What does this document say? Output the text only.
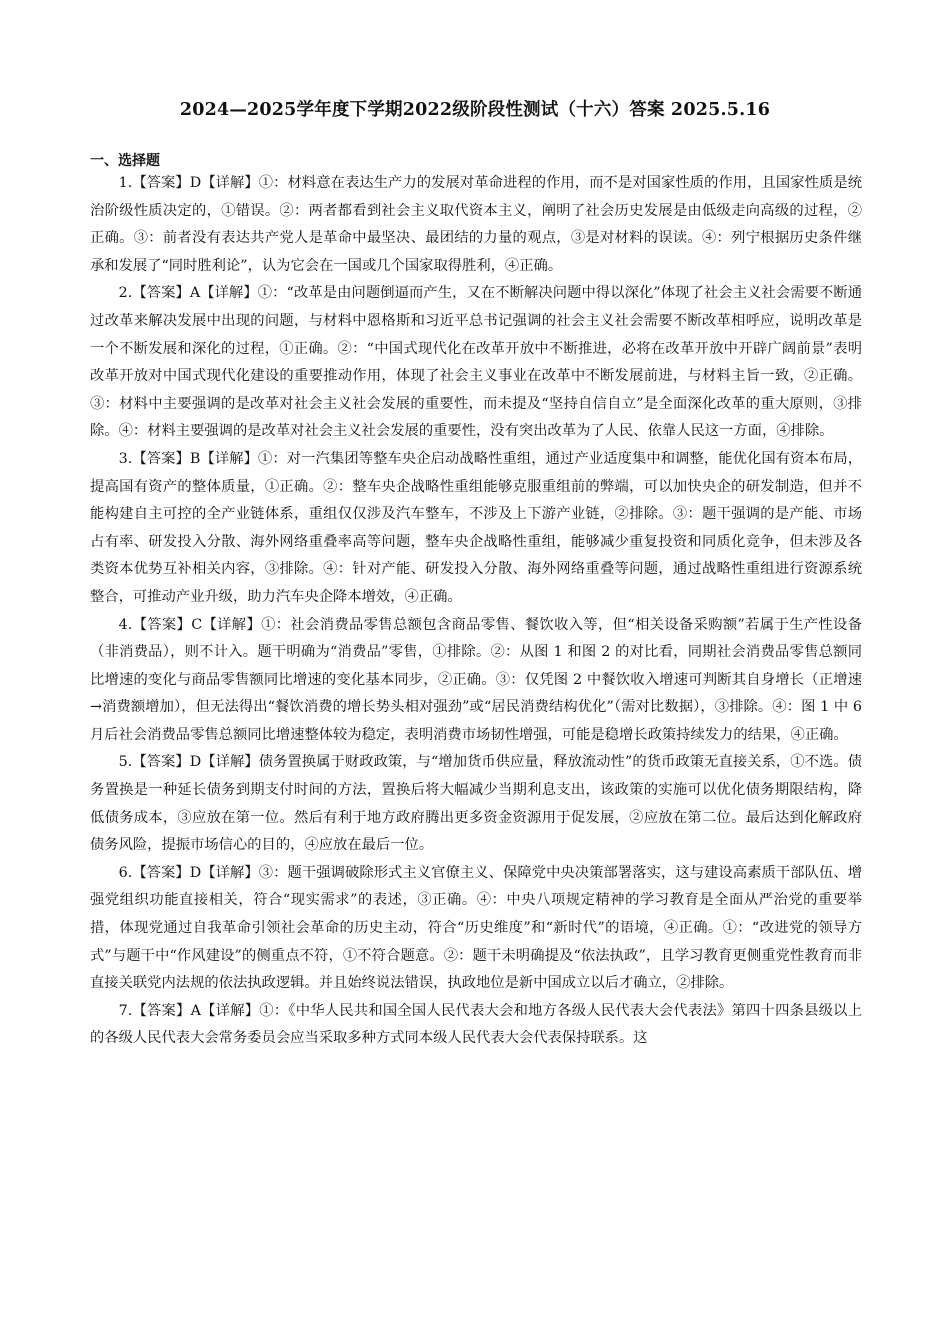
2024—2025学年度下学期2022级阶段性测试（十六）答案 2025.5.16
一、选择题

1.【答案】D【详解】①：材料意在表达生产力的发展对革命进程的作用，而不是对国家性质的作用，且国家性质是统治阶级性质决定的，①错误。②：两者都看到社会主义取代资本主义，阐明了社会历史发展是由低级走向高级的过程，②正确。③：前者没有表达共产党人是革命中最坚决、最团结的力量的观点，③是对材料的误读。④：列宁根据历史条件继承和发展了“同时胜利论”，认为它会在一国或几个国家取得胜利，④正确。

2.【答案】A【详解】①：“改革是由问题倒逼而产生，又在不断解决问题中得以深化”体现了社会主义社会需要不断通过改革来解决发展中出现的问题，与材料中恩格斯和习近平总书记强调的社会主义社会需要不断改革相呼应，说明改革是一个不断发展和深化的过程，①正确。②：“中国式现代化在改革开放中不断推进，必将在改革开放中开辟广阔前景”表明改革开放对中国式现代化建设的重要推动作用，体现了社会主义事业在改革中不断发展前进，与材料主旨一致，②正确。③：材料中主要强调的是改革对社会主义社会发展的重要性，而未提及“坚持自信自立”是全面深化改革的重大原则，③排除。④：材料主要强调的是改革对社会主义社会发展的重要性，没有突出改革为了人民、依靠人民这一方面，④排除。

3.【答案】B【详解】①：对一汽集团等整车央企启动战略性重组，通过产业适度集中和调整，能优化国有资本布局，提高国有资产的整体质量，①正确。②：整车央企战略性重组能够克服重组前的弊端，可以加快央企的研发制造，但并不能构建自主可控的全产业链体系，重组仅仅涉及汽车整车，不涉及上下游产业链，②排除。③：题干强调的是产能、市场占有率、研发投入分散、海外网络重叠率高等问题，整车央企战略性重组，能够减少重复投资和同质化竞争，但未涉及各类资本优势互补相关内容，③排除。④：针对产能、研发投入分散、海外网络重叠等问题，通过战略性重组进行资源系统整合，可推动产业升级，助力汽车央企降本增效，④正确。

4.【答案】C【详解】①：社会消费品零售总额包含商品零售、餐饮收入等，但“相关设备采购额”若属于生产性设备（非消费品），则不计入。题干明确为“消费品”零售，①排除。②：从图 1 和图 2 的对比看，同期社会消费品零售总额同比增速的变化与商品零售额同比增速的变化基本同步，②正确。③：仅凭图 2 中餐饮收入增速可判断其自身增长（正增速→消费额增加），但无法得出“餐饮消费的增长势头相对强劲”或“居民消费结构优化”（需对比数据），③排除。④：图 1 中 6 月后社会消费品零售总额同比增速整体较为稳定，表明消费市场韧性增强，可能是稳增长政策持续发力的结果，④正确。

5.【答案】D【详解】债务置换属于财政政策，与“增加货币供应量，释放流动性”的货币政策无直接关系，①不选。债务置换是一种延长债务到期支付时间的方法，置换后将大幅减少当期利息支出，该政策的实施可以优化债务期限结构，降低债务成本，③应放在第一位。然后有利于地方政府腾出更多资金资源用于促发展，②应放在第二位。最后达到化解政府债务风险，提振市场信心的目的，④应放在最后一位。

6.【答案】D【详解】③：题干强调破除形式主义官僚主义、保障党中央决策部署落实，这与建设高素质干部队伍、增强党组织功能直接相关，符合“现实需求”的表述，③正确。④：中央八项规定精神的学习教育是全面从严治党的重要举措，体现党通过自我革命引领社会革命的历史主动，符合“历史维度”和“新时代”的语境，④正确。①：“改进党的领导方式”与题干中“作风建设”的侧重点不符，①不符合题意。②：题干未明确提及“依法执政”，且学习教育更侧重党性教育而非直接关联党内法规的依法执政逻辑。并且始终说法错误，执政地位是新中国成立以后才确立，②排除。

7.【答案】A【详解】①：《中华人民共和国全国人民代表大会和地方各级人民代表大会代表法》第四十四条县级以上的各级人民代表大会常务委员会应当采取多种方式同本级人民代表大会代表保持联系。这
